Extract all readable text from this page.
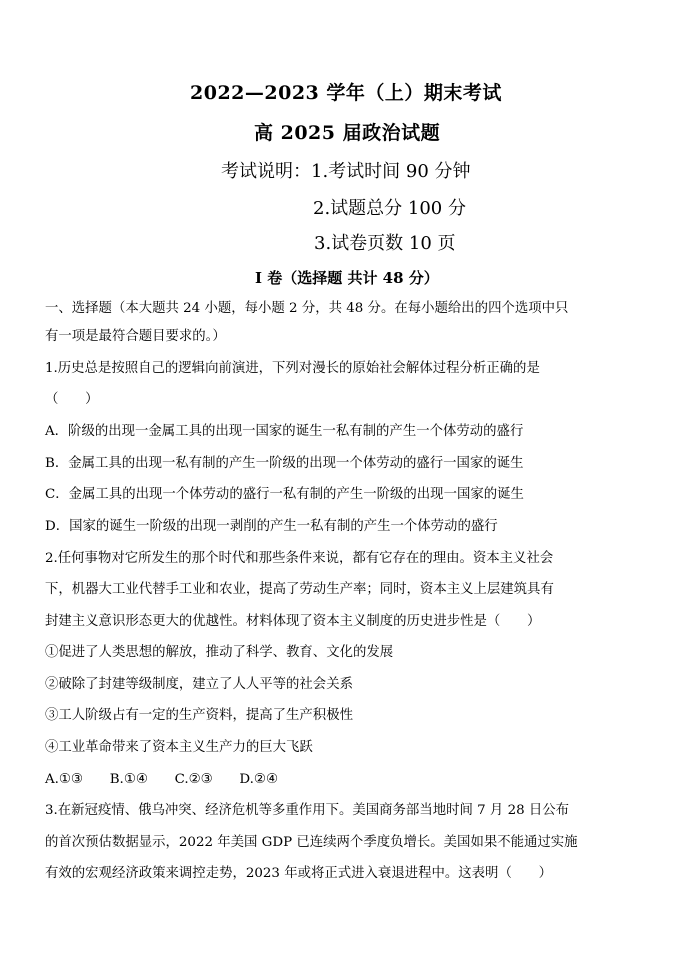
2022—2023 学年（上）期末考试
高 2025 届政治试题
考试说明：1.考试时间 90 分钟
2.试题总分 100 分
3.试卷页数 10 页
I 卷（选择题 共计 48 分）
一、选择题（本大题共 24 小题，每小题 2 分，共 48 分。在每小题给出的四个选项中只
有一项是最符合题目要求的。）
1.历史总是按照自己的逻辑向前演进，下列对漫长的原始社会解体过程分析正确的是
（　　）
A．阶级的出现一金属工具的出现一国家的诞生一私有制的产生一个体劳动的盛行
B．金属工具的出现一私有制的产生一阶级的出现一个体劳动的盛行一国家的诞生
C．金属工具的出现一个体劳动的盛行一私有制的产生一阶级的出现一国家的诞生
D．国家的诞生一阶级的出现一剥削的产生一私有制的产生一个体劳动的盛行
2.任何事物对它所发生的那个时代和那些条件来说，都有它存在的理由。资本主义社会
下，机器大工业代替手工业和农业，提高了劳动生产率；同时，资本主义上层建筑具有
封建主义意识形态更大的优越性。材料体现了资本主义制度的历史进步性是（　　）
①促进了人类思想的解放，推动了科学、教育、文化的发展
②破除了封建等级制度，建立了人人平等的社会关系
③工人阶级占有一定的生产资料，提高了生产积极性
④工业革命带来了资本主义生产力的巨大飞跃
A.①③　　B.①④　　C.②③　　D.②④
3.在新冠疫情、俄乌冲突、经济危机等多重作用下。美国商务部当地时间 7 月 28 日公布
的首次预估数据显示，2022 年美国 GDP 已连续两个季度负增长。美国如果不能通过实施
有效的宏观经济政策来调控走势，2023 年或将正式进入衰退进程中。这表明（　　）
